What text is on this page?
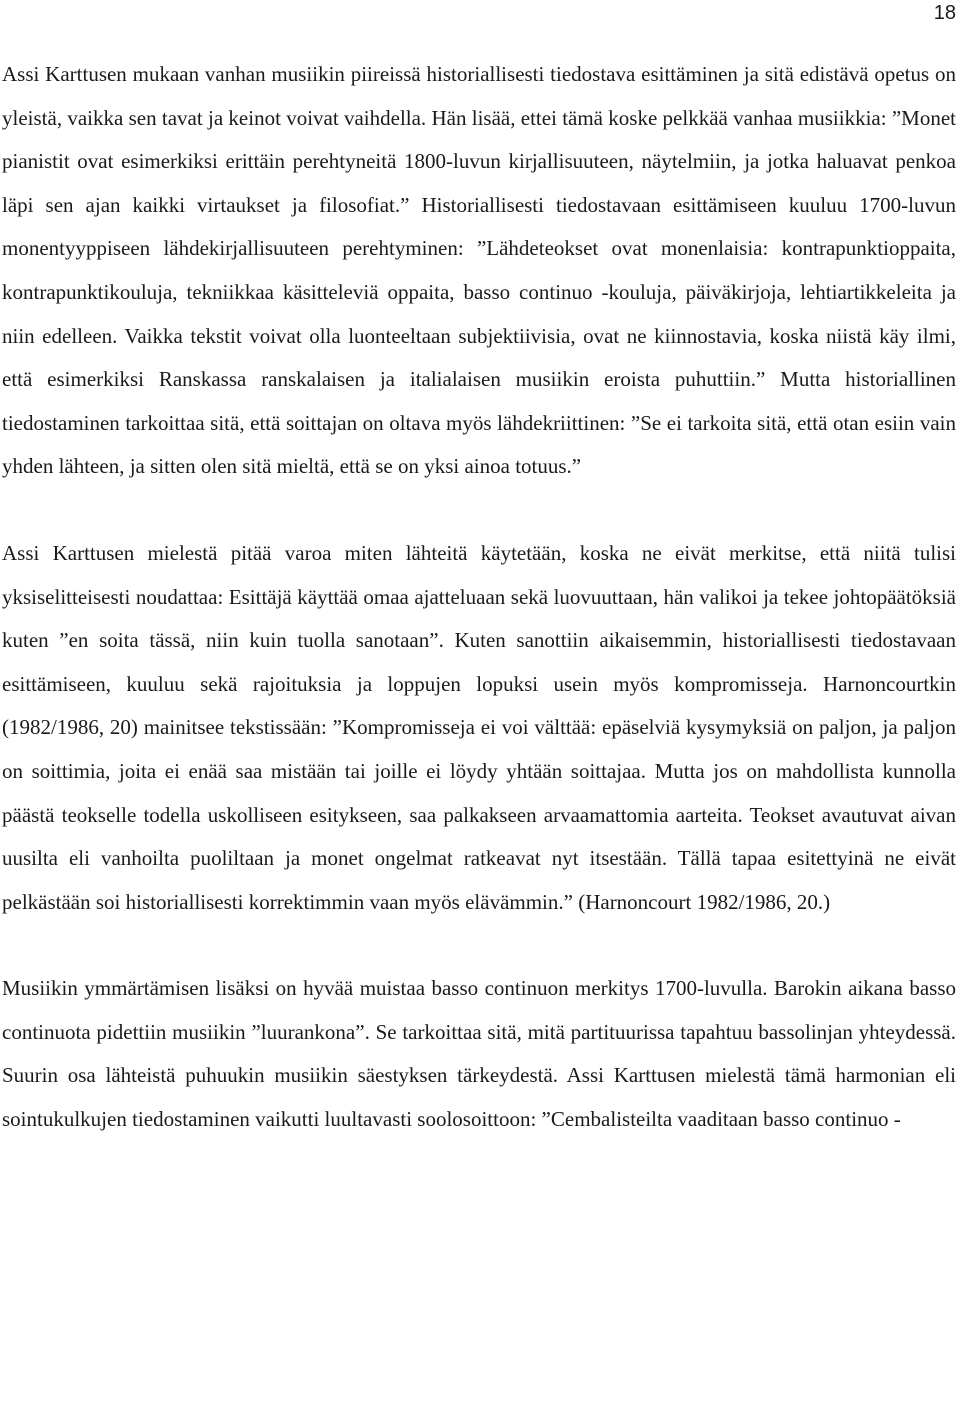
18

Assi Karttusen mukaan vanhan musiikin piireissä historiallisesti tiedostava esittäminen ja sitä edistävä opetus on yleistä, vaikka sen tavat ja keinot voivat vaihdella. Hän lisää, ettei tämä koske pelkkää vanhaa musiikkia: ”Monet pianistit ovat esimerkiksi erittäin perehtyneitä 1800-luvun kirjallisuuteen, näytelmiin, ja jotka haluavat penkoa läpi sen ajan kaikki virtaukset ja filosofiat.” Historiallisesti tiedostavaan esittämiseen kuuluu 1700-luvun monentyyppiseen lähdekirjallisuuteen perehtyminen: ”Lähdeteokset ovat monenlaisia: kontrapunktioppaita, kontrapunktikouluja, tekniikkaa käsitteleviä oppaita, basso continuo -kouluja, päiväkirjoja, lehtiartikkeleita ja niin edelleen. Vaikka tekstit voivat olla luonteeltaan subjektiivisia, ovat ne kiinnostavia, koska niistä käy ilmi, että esimerkiksi Ranskassa ranskalaisen ja italialaisen musiikin eroista puhuttiin.” Mutta historiallinen tiedostaminen tarkoittaa sitä, että soittajan on oltava myös lähdekriittinen: ”Se ei tarkoita sitä, että otan esiin vain yhden lähteen, ja sitten olen sitä mieltä, että se on yksi ainoa totuus.”

Assi Karttusen mielestä pitää varoa miten lähteitä käytetään, koska ne eivät merkitse, että niitä tulisi yksiselitteisesti noudattaa: Esittäjä käyttää omaa ajatteluaan sekä luovuuttaan, hän valikoi ja tekee johtopäätöksiä kuten ”en soita tässä, niin kuin tuolla sanotaan”. Kuten sanottiin aikaisemmin, historiallisesti tiedostavaan esittämiseen, kuuluu sekä rajoituksia ja loppujen lopuksi usein myös kompromisseja. Harnoncourtkin (1982/1986, 20) mainitsee tekstissään: ”Kompromisseja ei voi välttää: epäselviä kysymyksiä on paljon, ja paljon on soittimia, joita ei enää saa mistään tai joille ei löydy yhtään soittajaa. Mutta jos on mahdollista kunnolla päästä teokselle todella uskolliseen esitykseen, saa palkakseen arvaamattomia aarteita. Teokset avautuvat aivan uusilta eli vanhoilta puoliltaan ja monet ongelmat ratkeavat nyt itsestään. Tällä tapaa esitettyinä ne eivät pelkästään soi historiallisesti korrektimmin vaan myös elävämmin.” (Harnoncourt 1982/1986, 20.)

Musiikin ymmärtämisen lisäksi on hyvää muistaa basso continuon merkitys 1700-luvulla. Barokin aikana basso continuota pidettiin musiikin ”luurankona”. Se tarkoittaa sitä, mitä partituurissa tapahtuu bassolinjan yhteydessä. Suurin osa lähteistä puhuukin musiikin säestyksen tärkeydestä. Assi Karttusen mielestä tämä harmonian eli sointukulkujen tiedostaminen vaikutti luultavasti soolosoittoon: ”Cembalisteilta vaaditaan basso continuo -
